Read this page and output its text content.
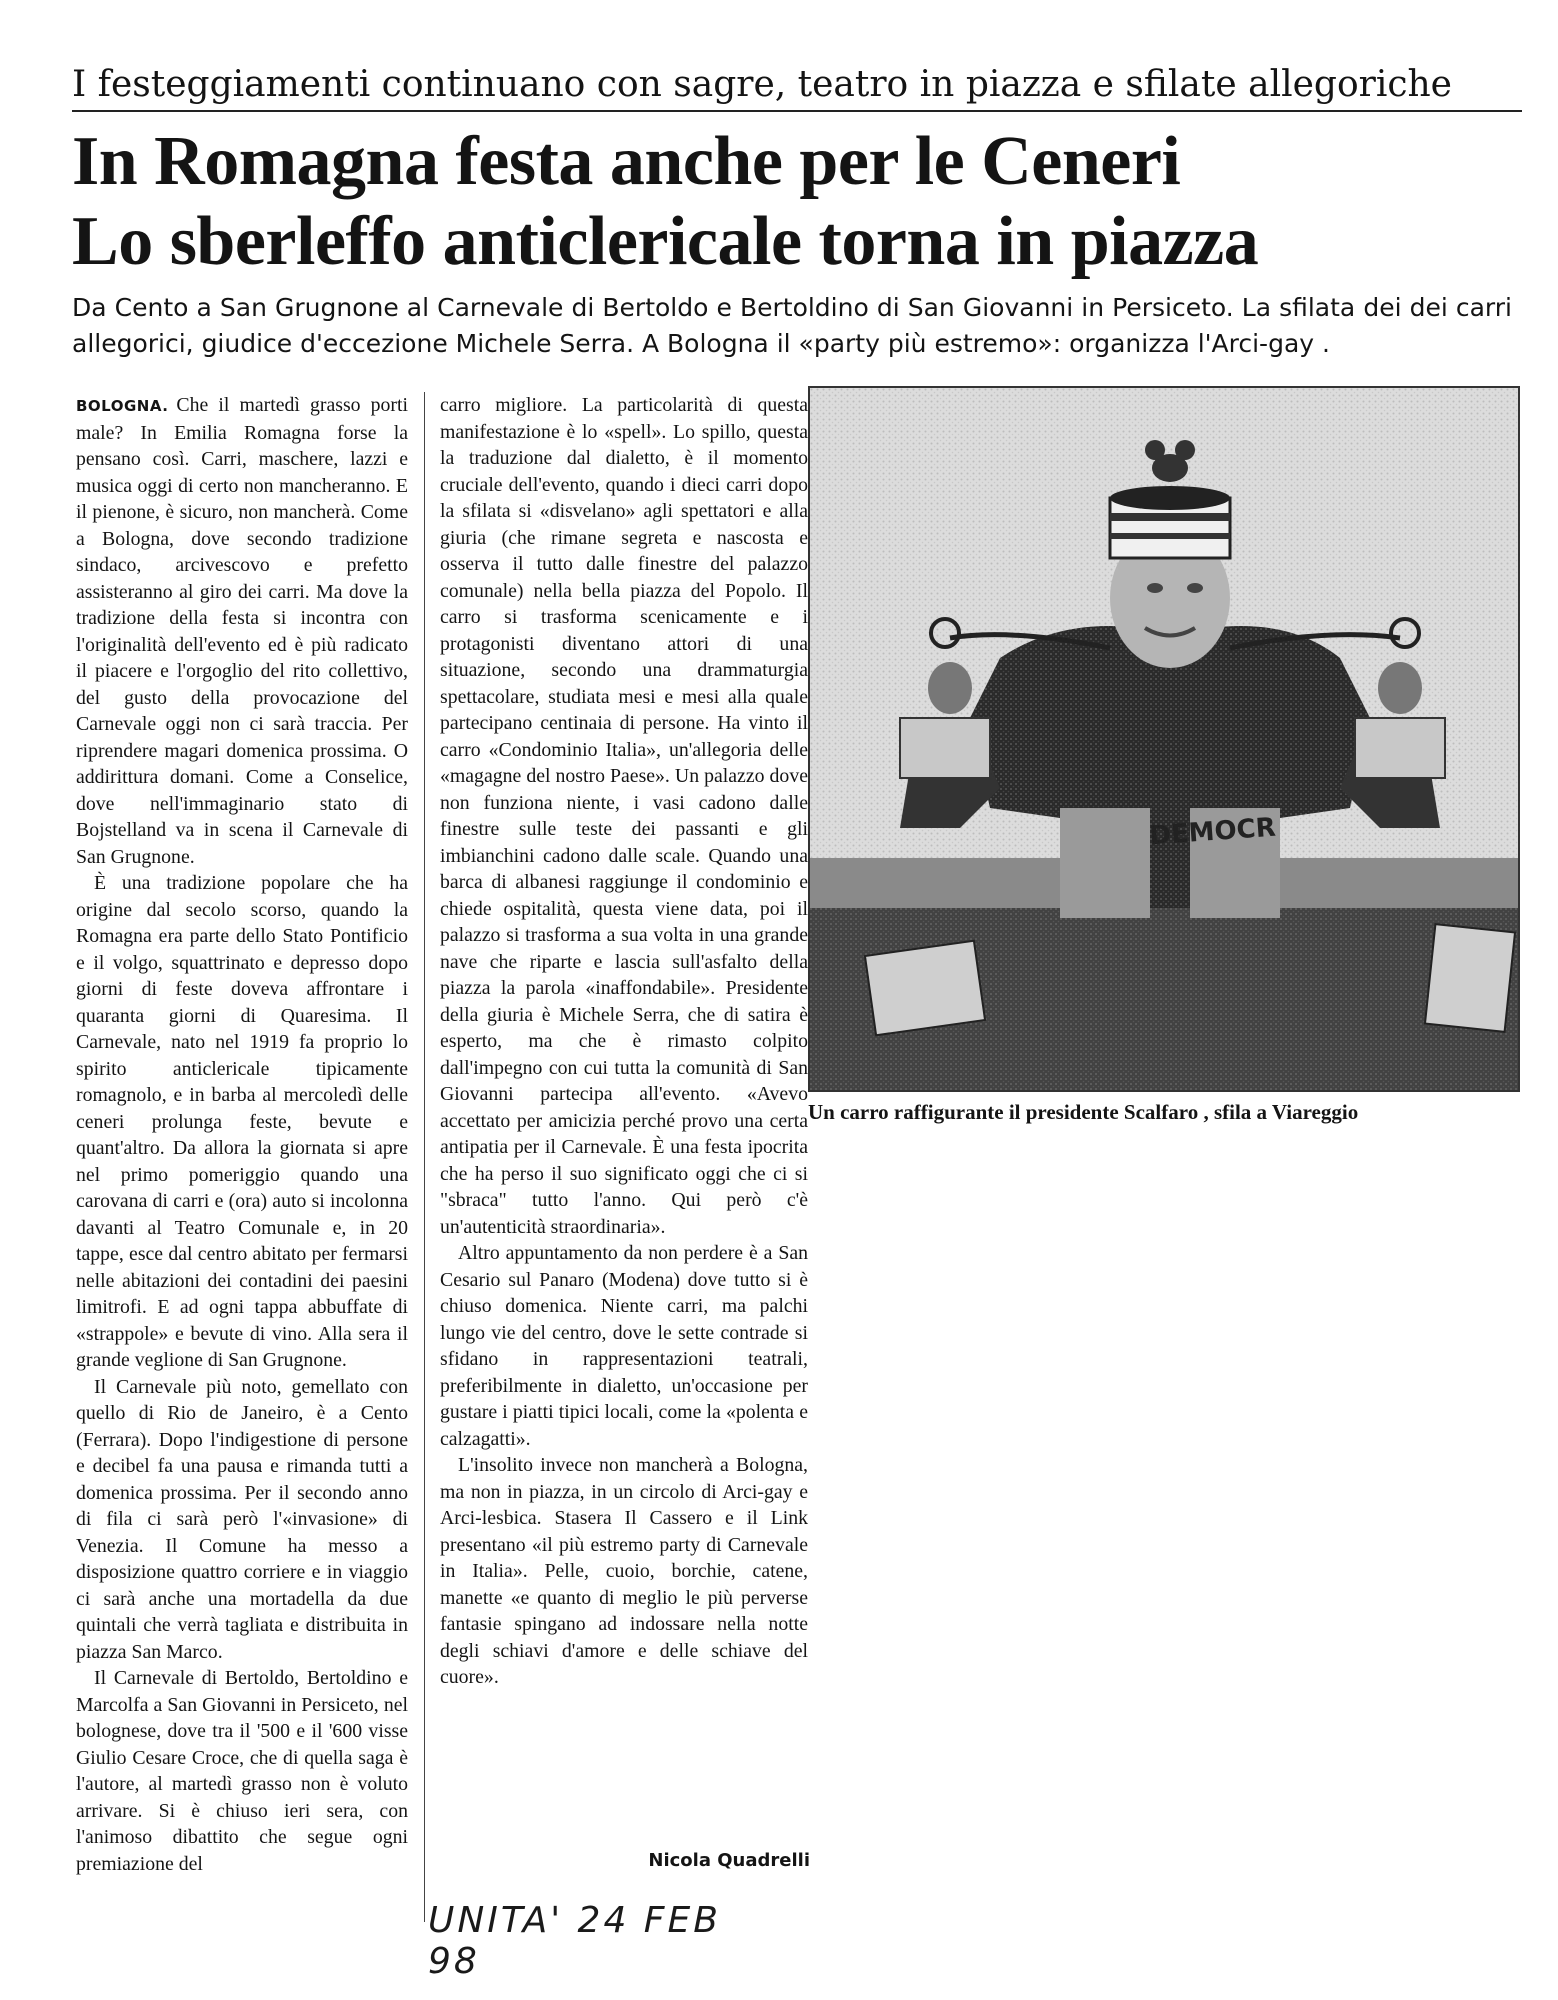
I festeggiamenti continuano con sagre, teatro in piazza e sfilate allegoriche
In Romagna festa anche per le Ceneri
Lo sberleffo anticlericale torna in piazza
Da Cento a San Grugnone al Carnevale di Bertoldo e Bertoldino di San Giovanni in Persiceto. La sfilata dei dei carri allegorici, giudice d'eccezione Michele Serra. A Bologna il «party più estremo»: organizza l'Arci-gay .

BOLOGNA. Che il martedì grasso porti male? In Emilia Romagna forse la pensano così. Carri, maschere, lazzi e musica oggi di certo non mancheranno. E il pienone, è sicuro, non mancherà. Come a Bologna, dove secondo tradizione sindaco, arcivescovo e prefetto assisteranno al giro dei carri. Ma dove la tradizione della festa si incontra con l'originalità dell'evento ed è più radicato il piacere e l'orgoglio del rito collettivo, del gusto della provocazione del Carnevale oggi non ci sarà traccia. Per riprendere magari domenica prossima. O addirittura domani. Come a Conselice, dove nell'immaginario stato di Bojstelland va in scena il Carnevale di San Grugnone.

È una tradizione popolare che ha origine dal secolo scorso, quando la Romagna era parte dello Stato Pontificio e il volgo, squattrinato e depresso dopo giorni di feste doveva affrontare i quaranta giorni di Quaresima. Il Carnevale, nato nel 1919 fa proprio lo spirito anticlericale tipicamente romagnolo, e in barba al mercoledì delle ceneri prolunga feste, bevute e quant'altro. Da allora la giornata si apre nel primo pomeriggio quando una carovana di carri e (ora) auto si incolonna davanti al Teatro Comunale e, in 20 tappe, esce dal centro abitato per fermarsi nelle abitazioni dei contadini dei paesini limitrofi. E ad ogni tappa abbuffate di «strappole» e bevute di vino. Alla sera il grande veglione di San Grugnone.

Il Carnevale più noto, gemellato con quello di Rio de Janeiro, è a Cento (Ferrara). Dopo l'indigestione di persone e decibel fa una pausa e rimanda tutti a domenica prossima. Per il secondo anno di fila ci sarà però l'«invasione» di Venezia. Il Comune ha messo a disposizione quattro corriere e in viaggio ci sarà anche una mortadella da due quintali che verrà tagliata e distribuita in piazza San Marco.

Il Carnevale di Bertoldo, Bertoldino e Marcolfa a San Giovanni in Persiceto, nel bolognese, dove tra il '500 e il '600 visse Giulio Cesare Croce, che di quella saga è l'autore, al martedì grasso non è voluto arrivare. Si è chiuso ieri sera, con l'animoso dibattito che segue ogni premiazione del

carro migliore. La particolarità di questa manifestazione è lo «spell». Lo spillo, questa la traduzione dal dialetto, è il momento cruciale dell'evento, quando i dieci carri dopo la sfilata si «disvelano» agli spettatori e alla giuria (che rimane segreta e nascosta e osserva il tutto dalle finestre del palazzo comunale) nella bella piazza del Popolo. Il carro si trasforma scenicamente e i protagonisti diventano attori di una situazione, secondo una drammaturgia spettacolare, studiata mesi e mesi alla quale partecipano centinaia di persone. Ha vinto il carro «Condominio Italia», un'allegoria delle «magagne del nostro Paese». Un palazzo dove non funziona niente, i vasi cadono dalle finestre sulle teste dei passanti e gli imbianchini cadono dalle scale. Quando una barca di albanesi raggiunge il condominio e chiede ospitalità, questa viene data, poi il palazzo si trasforma a sua volta in una grande nave che riparte e lascia sull'asfalto della piazza la parola «inaffondabile». Presidente della giuria è Michele Serra, che di satira è esperto, ma che è rimasto colpito dall'impegno con cui tutta la comunità di San Giovanni partecipa all'evento. «Avevo accettato per amicizia perché provo una certa antipatia per il Carnevale. È una festa ipocrita che ha perso il suo significato oggi che ci si "sbraca" tutto l'anno. Qui però c'è un'autenticità straordinaria».

Altro appuntamento da non perdere è a San Cesario sul Panaro (Modena) dove tutto si è chiuso domenica. Niente carri, ma palchi lungo vie del centro, dove le sette contrade si sfidano in rappresentazioni teatrali, preferibilmente in dialetto, un'occasione per gustare i piatti tipici locali, come la «polenta e calzagatti».

L'insolito invece non mancherà a Bologna, ma non in piazza, in un circolo di Arci-gay e Arci-lesbica. Stasera Il Cassero e il Link presentano «il più estremo party di Carnevale in Italia». Pelle, cuoio, borchie, catene, manette «e quanto di meglio le più perverse fantasie spingano ad indossare nella notte degli schiavi d'amore e delle schiave del cuore».

DEMOCR
Un carro raffigurante il presidente Scalfaro , sfila a Viareggio
Nicola Quadrelli
UNITA' 24 FEB 98
